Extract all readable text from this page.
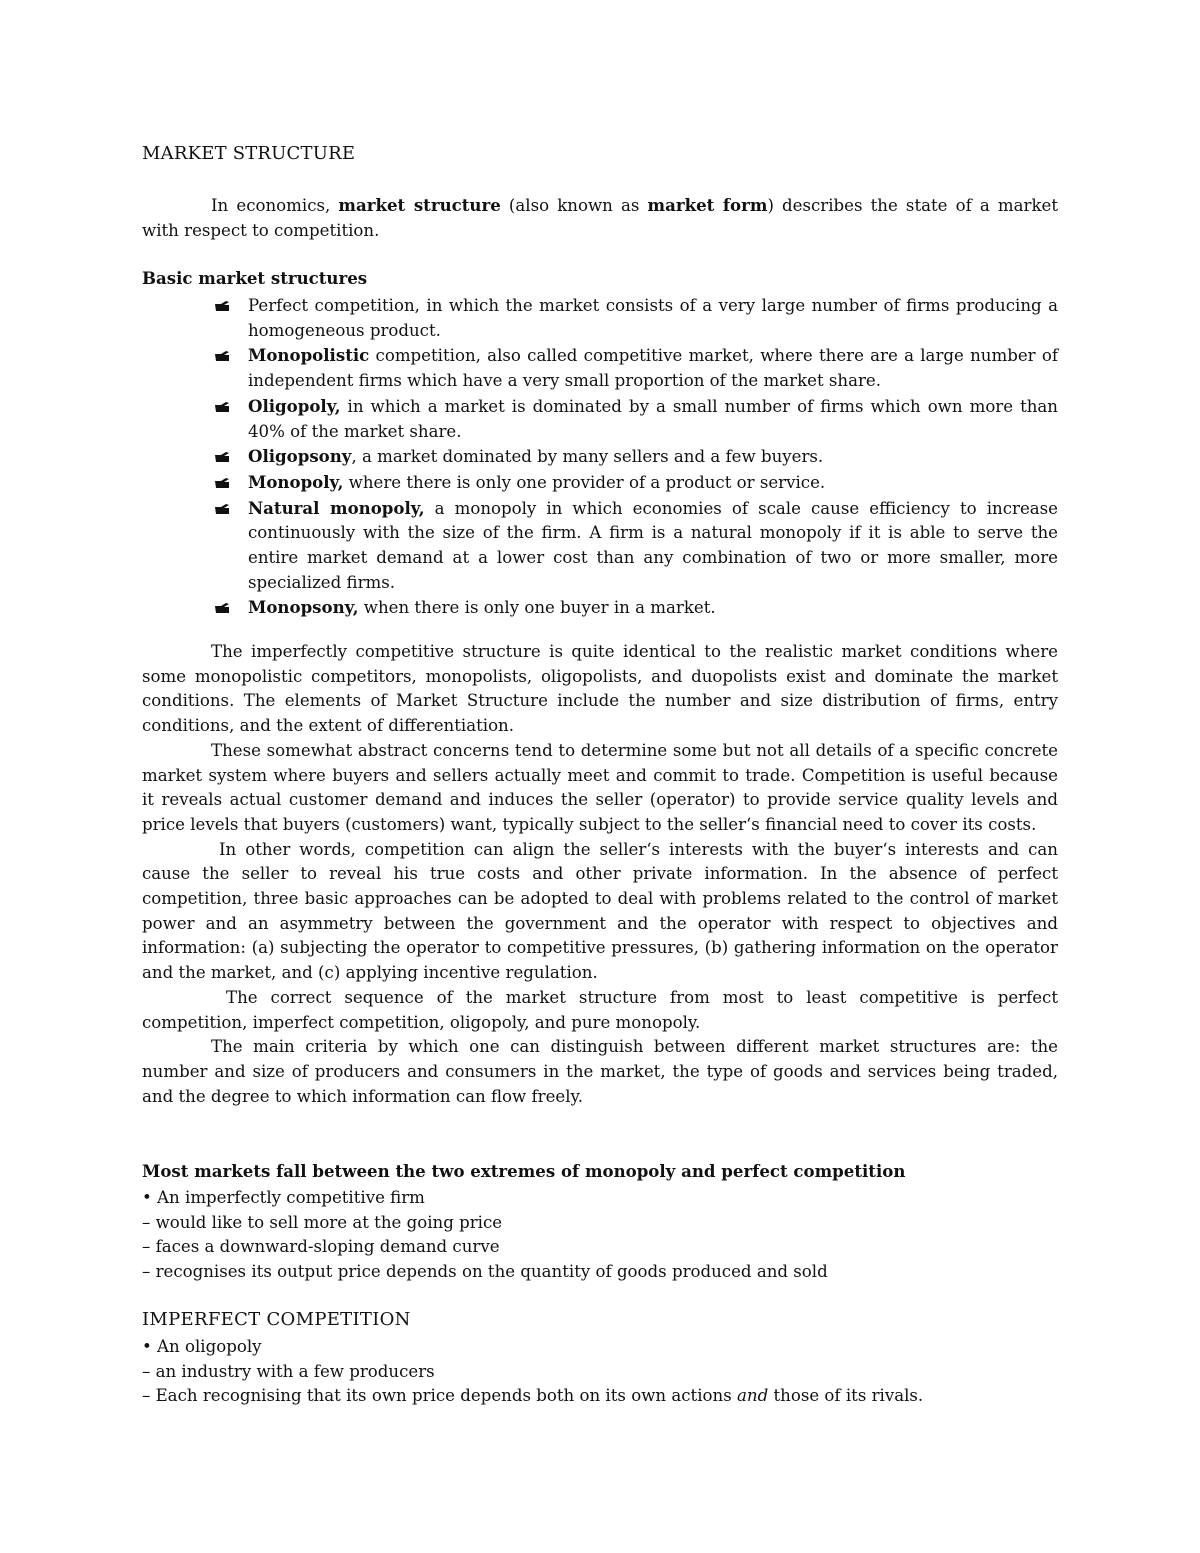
MARKET STRUCTURE

In economics, market structure (also known as market form) describes the state of a market with respect to competition.

Basic market structures
Perfect competition, in which the market consists of a very large number of firms producing a homogeneous product.
Monopolistic competition, also called competitive market, where there are a large number of independent firms which have a very small proportion of the market share.
Oligopoly, in which a market is dominated by a small number of firms which own more than 40% of the market share.
Oligopsony, a market dominated by many sellers and a few buyers.
Monopoly, where there is only one provider of a product or service.
Natural monopoly, a monopoly in which economies of scale cause efficiency to increase continuously with the size of the firm. A firm is a natural monopoly if it is able to serve the entire market demand at a lower cost than any combination of two or more smaller, more specialized firms.
Monopsony, when there is only one buyer in a market.

The imperfectly competitive structure is quite identical to the realistic market conditions where some monopolistic competitors, monopolists, oligopolists, and duopolists exist and dominate the market conditions. The elements of Market Structure include the number and size distribution of firms, entry conditions, and the extent of differentiation.

These somewhat abstract concerns tend to determine some but not all details of a specific concrete market system where buyers and sellers actually meet and commit to trade. Competition is useful because it reveals actual customer demand and induces the seller (operator) to provide service quality levels and price levels that buyers (customers) want, typically subject to the seller‘s financial need to cover its costs.

In other words, competition can align the seller‘s interests with the buyer‘s interests and can cause the seller to reveal his true costs and other private information. In the absence of perfect competition, three basic approaches can be adopted to deal with problems related to the control of market power and an asymmetry between the government and the operator with respect to objectives and information: (a) subjecting the operator to competitive pressures, (b) gathering information on the operator and the market, and (c) applying incentive regulation.

The correct sequence of the market structure from most to least competitive is perfect competition, imperfect competition, oligopoly, and pure monopoly.

The main criteria by which one can distinguish between different market structures are: the number and size of producers and consumers in the market, the type of goods and services being traded, and the degree to which information can flow freely.

Most markets fall between the two extremes of monopoly and perfect competition
• An imperfectly competitive firm
– would like to sell more at the going price
– faces a downward-sloping demand curve
– recognises its output price depends on the quantity of goods produced and sold
IMPERFECT COMPETITION
• An oligopoly
– an industry with a few producers
– Each recognising that its own price depends both on its own actions and those of its rivals.
